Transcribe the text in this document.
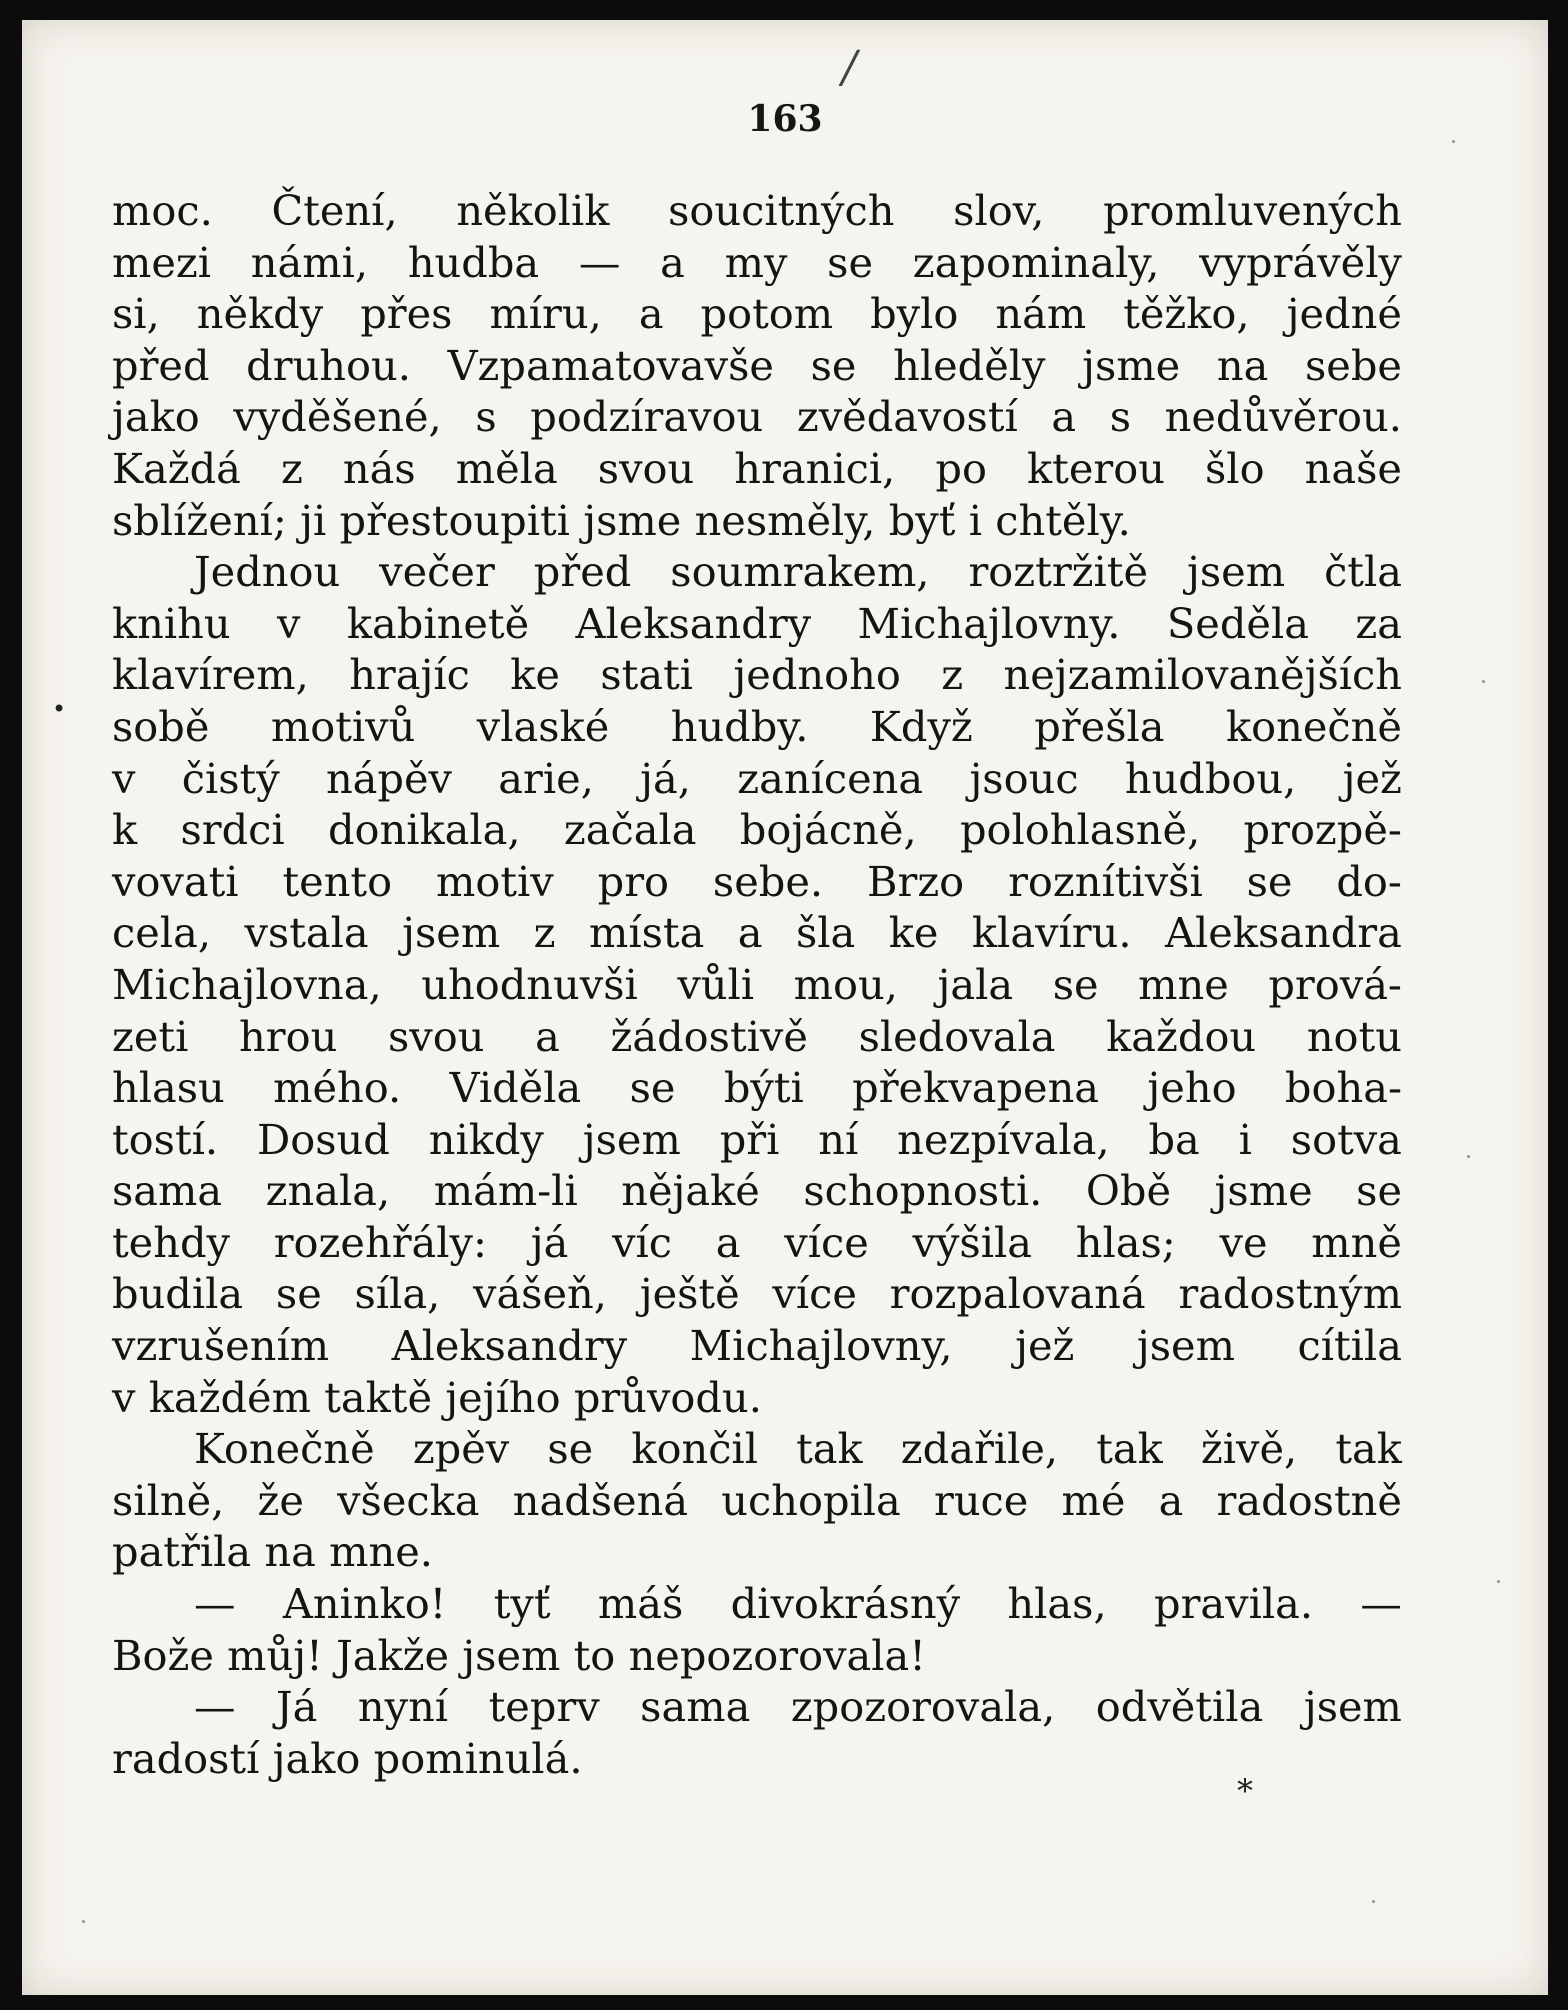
163
moc. Čtení, několik soucitných slov, promluvených
mezi námi, hudba — a my se zapominaly, vyprávěly
si, někdy přes míru, a potom bylo nám těžko, jedné
před druhou. Vzpamatovavše se hleděly jsme na sebe
jako vyděšené, s podzíravou zvědavostí a s nedůvěrou.
Každá z nás měla svou hranici, po kterou šlo naše
sblížení; ji přestoupiti jsme nesměly, byť i chtěly.
Jednou večer před soumrakem, roztržitě jsem čtla
knihu v kabinetě Aleksandry Michajlovny. Seděla za
klavírem, hrajíc ke stati jednoho z nejzamilovanějších
sobě motivů vlaské hudby. Když přešla konečně
v čistý nápěv arie, já, zanícena jsouc hudbou, jež
k srdci donikala, začala bojácně, polohlasně, prozpě-
vovati tento motiv pro sebe. Brzo roznítivši se do-
cela, vstala jsem z místa a šla ke klavíru. Aleksandra
Michajlovna, uhodnuvši vůli mou, jala se mne prová-
zeti hrou svou a žádostivě sledovala každou notu
hlasu mého. Viděla se býti překvapena jeho boha-
tostí. Dosud nikdy jsem při ní nezpívala, ba i sotva
sama znala, mám-li nějaké schopnosti. Obě jsme se
tehdy rozehřály: já víc a více výšila hlas; ve mně
budila se síla, vášeň, ještě více rozpalovaná radostným
vzrušením Aleksandry Michajlovny, jež jsem cítila
v každém taktě jejího průvodu.
Konečně zpěv se končil tak zdařile, tak živě, tak
silně, že všecka nadšená uchopila ruce mé a radostně
patřila na mne.
— Aninko! tyť máš divokrásný hlas, pravila. —
Bože můj! Jakže jsem to nepozorovala!
— Já nyní teprv sama zpozorovala, odvětila jsem
radostí jako pominulá.
*
•
/
